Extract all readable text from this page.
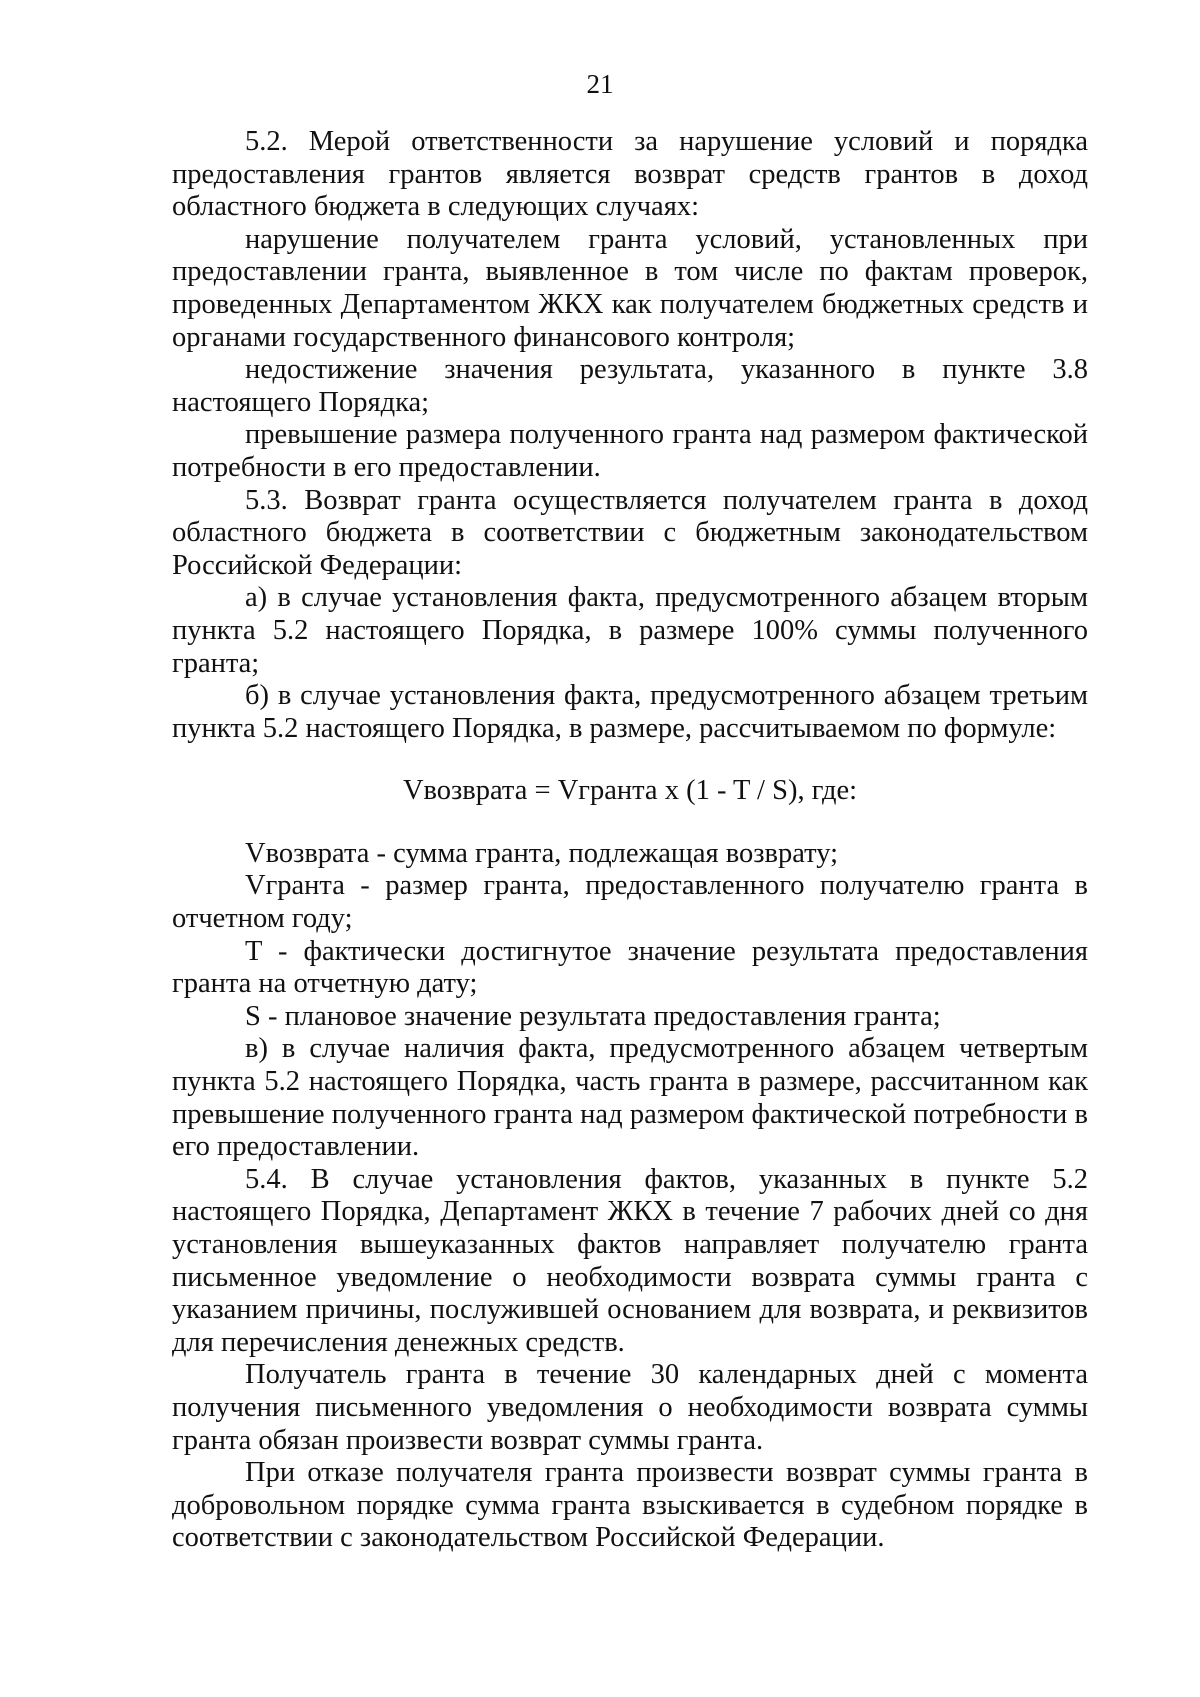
21

5.2. Мерой ответственности за нарушение условий и порядка предоставления грантов является возврат средств грантов в доход областного бюджета в следующих случаях:

нарушение получателем гранта условий, установленных при предоставлении гранта, выявленное в том числе по фактам проверок, проведенных Департаментом ЖКХ как получателем бюджетных средств и органами государственного финансового контроля;

недостижение значения результата, указанного в пункте 3.8 настоящего Порядка;

превышение размера полученного гранта над размером фактической потребности в его предоставлении.

5.3. Возврат гранта осуществляется получателем гранта в доход областного бюджета в соответствии с бюджетным законодательством Российской Федерации:

а) в случае установления факта, предусмотренного абзацем вторым пункта 5.2 настоящего Порядка, в размере 100% суммы полученного гранта;

б) в случае установления факта, предусмотренного абзацем третьим пункта 5.2 настоящего Порядка, в размере, рассчитываемом по формуле:

Vвозврата = Vгранта x (1 - T / S), где:

Vвозврата - сумма гранта, подлежащая возврату;

Vгранта - размер гранта, предоставленного получателю гранта в отчетном году;

T - фактически достигнутое значение результата предоставления гранта на отчетную дату;

S - плановое значение результата предоставления гранта;

в) в случае наличия факта, предусмотренного абзацем четвертым пункта 5.2 настоящего Порядка, часть гранта в размере, рассчитанном как превышение полученного гранта над размером фактической потребности в его предоставлении.

5.4. В случае установления фактов, указанных в пункте 5.2 настоящего Порядка, Департамент ЖКХ в течение 7 рабочих дней со дня установления вышеуказанных фактов направляет получателю гранта письменное уведомление о необходимости возврата суммы гранта с указанием причины, послужившей основанием для возврата, и реквизитов для перечисления денежных средств.

Получатель гранта в течение 30 календарных дней с момента получения письменного уведомления о необходимости возврата суммы гранта обязан произвести возврат суммы гранта.

При отказе получателя гранта произвести возврат суммы гранта в добровольном порядке сумма гранта взыскивается в судебном порядке в соответствии с законодательством Российской Федерации.
